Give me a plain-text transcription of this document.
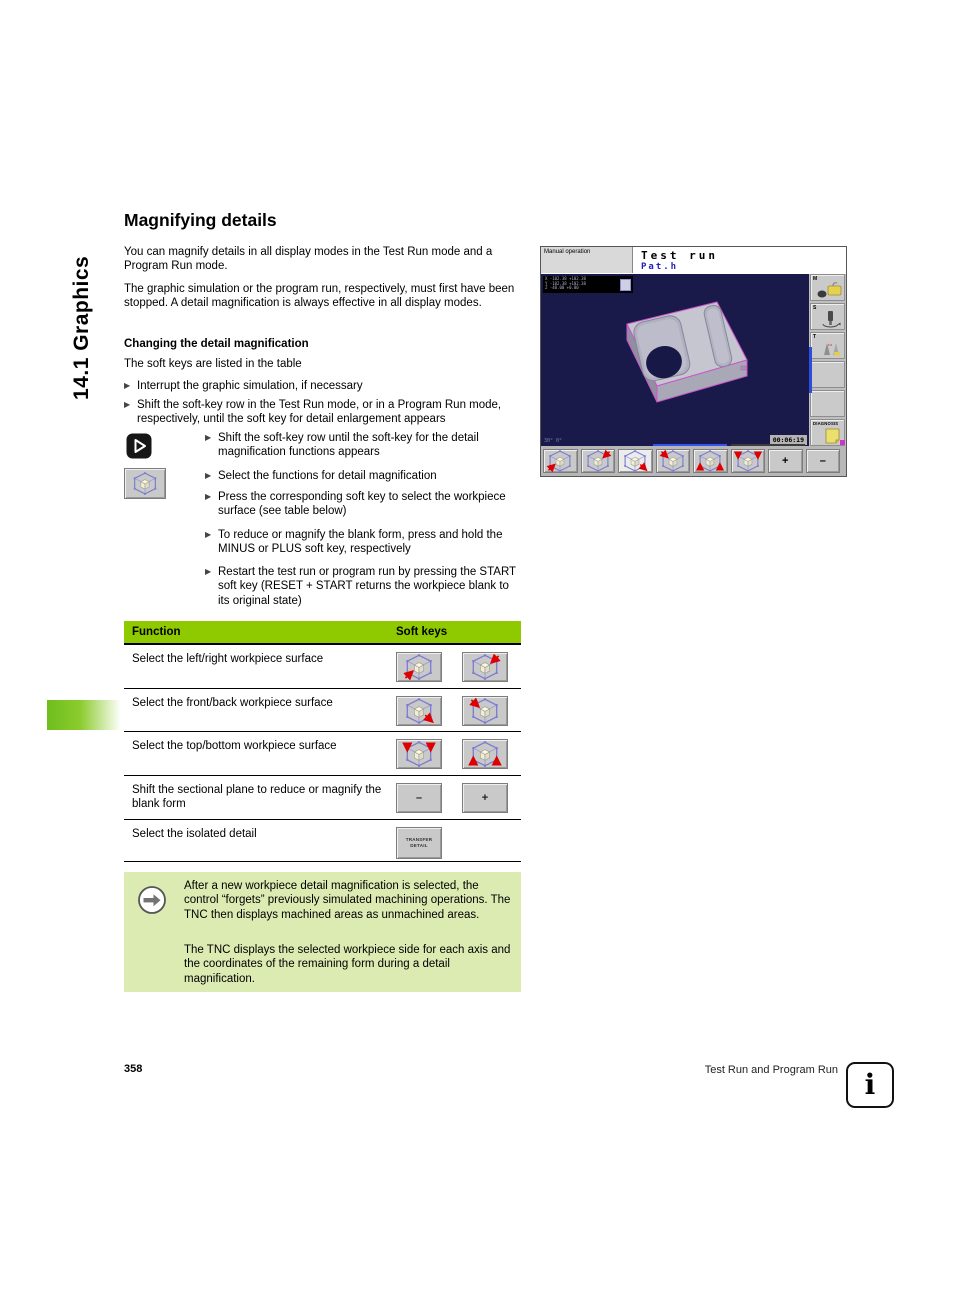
14.1 Graphics
Magnifying details

You can magnify details in all display modes in the Test Run mode and a Program Run mode.

The graphic simulation or the program run, respectively, must first have been stopped. A detail magnification is always effective in all display modes.

Changing the detail magnification

The soft keys are listed in the table

▶ Interrupt the graphic simulation, if necessary
▶ Shift the soft-key row in the Test Run mode, or in a Program Run mode, respectively, until the soft key for detail enlargement appears
▶ Shift the soft-key row until the soft-key for the detail magnification functions appears
▶ Select the functions for detail magnification
▶ Press the corresponding soft key to select the workpiece surface (see table below)
▶ To reduce or magnify the blank form, press and hold the MINUS or PLUS soft key, respectively
▶ Restart the test run or program run by pressing the START soft key (RESET + START returns the workpiece blank to its original state)
Function	Soft keys
Select the left/right workpiece surface
Select the front/back workpiece surface
Select the top/bottom workpiece surface
Shift the sectional plane to reduce or magnify the blank form	–	+
Select the isolated detail	TRANSFER
DETAIL

After a new workpiece detail magnification is selected, the control “forgets” previously simulated machining operations. The TNC then displays machined areas as unmachined areas.

The TNC displays the selected workpiece side for each axis and the coordinates of the remaining form during a detail magnification.

Manual operation	Test run
Pat.h
X -102.38 +102.38
Y -102.38 +102.38
Z -40.00 +0.00
30° 0°	00:06:19
M
S
T
DIAGNOSIS
+	–
358	Test Run and Program Run i
